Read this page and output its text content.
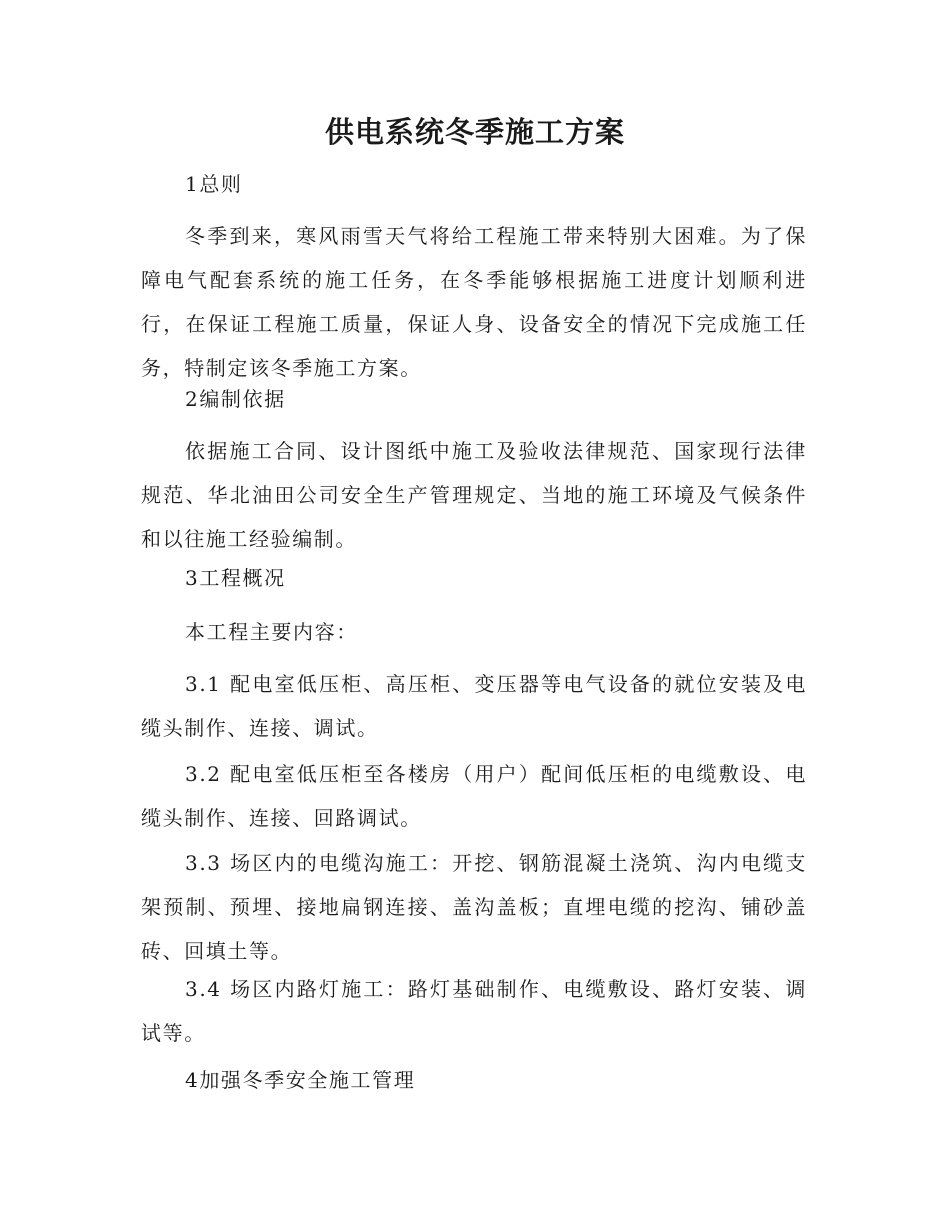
供电系统冬季施工方案
1总则
冬季到来，寒风雨雪天气将给工程施工带来特别大困难。为了保障电气配套系统的施工任务，在冬季能够根据施工进度计划顺利进行，在保证工程施工质量，保证人身、设备安全的情况下完成施工任务，特制定该冬季施工方案。
2编制依据
依据施工合同、设计图纸中施工及验收法律规范、国家现行法律规范、华北油田公司安全生产管理规定、当地的施工环境及气候条件和以往施工经验编制。
3工程概况
本工程主要内容：
3.1 配电室低压柜、高压柜、变压器等电气设备的就位安装及电缆头制作、连接、调试。
3.2 配电室低压柜至各楼房（用户）配间低压柜的电缆敷设、电缆头制作、连接、回路调试。
3.3 场区内的电缆沟施工：开挖、钢筋混凝土浇筑、沟内电缆支架预制、预埋、接地扁钢连接、盖沟盖板；直埋电缆的挖沟、铺砂盖砖、回填土等。
3.4 场区内路灯施工：路灯基础制作、电缆敷设、路灯安装、调试等。
4加强冬季安全施工管理
